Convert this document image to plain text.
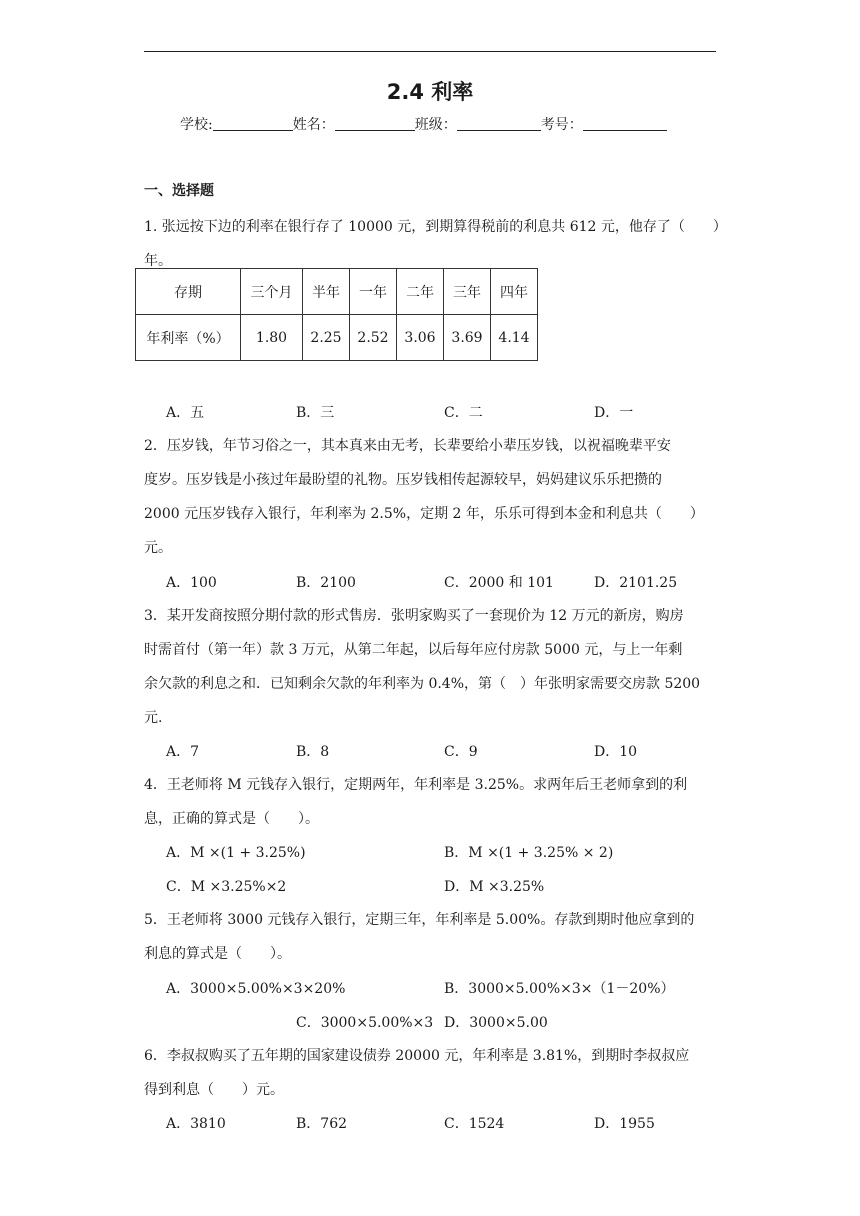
2.4 利率
学校:	姓名：	班级：	考号：
一、选择题
1. 张远按下边的利率在银行存了 10000 元，到期算得税前的利息共 612 元，他存了（　　）
年。
存期	三个月	半年	一年	二年	三年	四年
年利率（%）	1.80	2.25	2.52	3.06	3.69	4.14
A．五	B．三	C．二	D．一
2．压岁钱，年节习俗之一，其本真来由无考，长辈要给小辈压岁钱，以祝福晚辈平安
度岁。压岁钱是小孩过年最盼望的礼物。压岁钱相传起源较早，妈妈建议乐乐把攒的
2000 元压岁钱存入银行，年利率为 2.5%，定期 2 年，乐乐可得到本金和利息共（　　）
元。
A．100	B．2100	C．2000 和 101	D．2101.25
3．某开发商按照分期付款的形式售房．张明家购买了一套现价为 12 万元的新房，购房
时需首付（第一年）款 3 万元，从第二年起，以后每年应付房款 5000 元，与上一年剩
余欠款的利息之和．已知剩余欠款的年利率为 0.4%，第（　）年张明家需要交房款 5200
元.
A．7	B．8	C．9	D．10
4．王老师将 M 元钱存入银行，定期两年，年利率是 3.25%。求两年后王老师拿到的利
息，正确的算式是（　　）。
A．M ×(1 + 3.25%)	B．M ×(1 + 3.25% × 2)
C．M ×3.25%×2	D．M ×3.25%
5．王老师将 3000 元钱存入银行，定期三年，年利率是 5.00%。存款到期时他应拿到的
利息的算式是（　　）。
A．3000×5.00%×3×20%	B．3000×5.00%×3×（1－20%）
C．3000×5.00%×3 D．3000×5.00
6．李叔叔购买了五年期的国家建设债券 20000 元，年利率是 3.81%，到期时李叔叔应
得到利息（　　）元。
A．3810	B．762	C．1524	D．1955
